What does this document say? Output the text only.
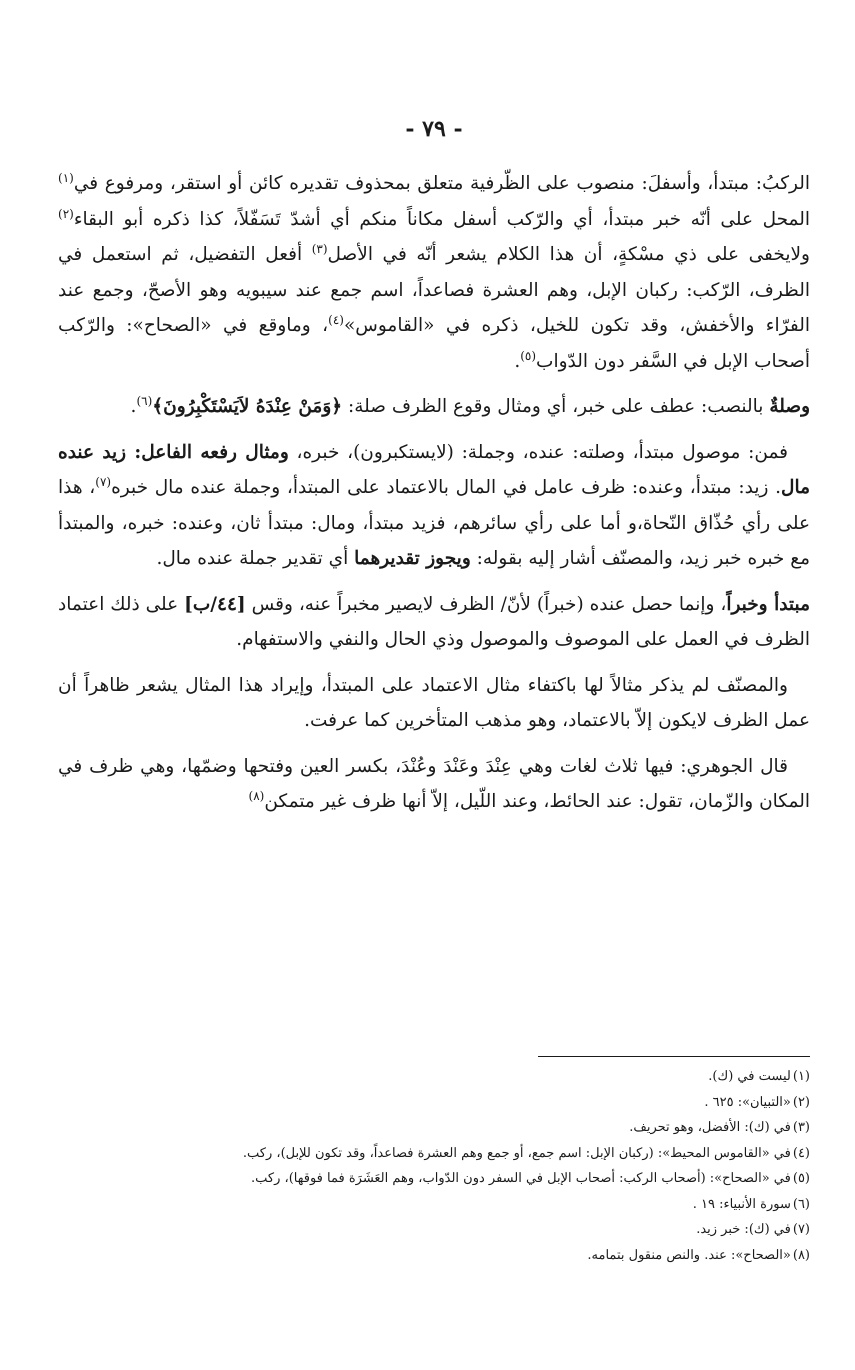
- ٧٩ -

الركبُ: مبتدأ، وأسفلَ: منصوب على الظّرفية متعلق بمحذوف تقديره كائن أو استقر، ومرفوع في$^{(١)}$ المحل على أنّه خبر مبتدأ، أي والرّكب أسفل مكاناً منكم أي أشدّ تَسَفّلاً، كذا ذكره أبو البقاء$^{(٢)}$ ولايخفى على ذي مسْكةٍ، أن هذا الكلام يشعر أنّه في الأصل$^{(٣)}$ أفعل التفضيل، ثم استعمل في الظرف، الرّكب: ركبان الإبل، وهم العشرة فصاعداً، اسم جمع عند سيبويه وهو الأصحّ، وجمع عند الفرّاء والأخفش، وقد تكون للخيل، ذكره في «القاموس»$^{(٤)}$، وماوقع في «الصحاح»: والرّكب أصحاب الإبل في السَّفر دون الدّواب$^{(٥)}$.

وصلةٌ بالنصب: عطف على خبر، أي ومثال وقوع الظرف صلة: ﴿وَمَنْ عِنْدَهُ لاَيَسْتَكْبِرُونَ﴾$^{(٦)}$.

فمن: موصول مبتدأ، وصلته: عنده، وجملة: (لايستكبرون)، خبره، ومثال رفعه الفاعل: زيد عنده مال. زيد: مبتدأ، وعنده: ظرف عامل في المال بالاعتماد على المبتدأ، وجملة عنده مال خبره$^{(٧)}$، هذا على رأي حُذّاق النّحاة،و أما على رأي سائرهم، فزيد مبتدأ، ومال: مبتدأ ثان، وعنده: خبره، والمبتدأ مع خبره خبر زيد، والمصنّف أشار إليه بقوله: ويجوز تقديرهما أي تقدير جملة عنده مال.

مبتدأ وخبراً، وإنما حصل عنده (خبراً) لأنّ/ الظرف لايصير مخبراً عنه، وقس [٤٤/ب] على ذلك اعتماد الظرف في العمل على الموصوف والموصول وذي الحال والنفي والاستفهام.

والمصنّف لم يذكر مثالاً لها باكتفاء مثال الاعتماد على المبتدأ، وإيراد هذا المثال يشعر ظاهراً أن عمل الظرف لايكون إلاّ بالاعتماد، وهو مذهب المتأخرين كما عرفت.

قال الجوهري: فيها ثلاث لغات وهي عِنْدَ وعَنْدَ وعُنْدَ، بكسر العين وفتحها وضمّها، وهي ظرف في المكان والزّمان، تقول: عند الحائط، وعند اللّيل، إلاّ أنها ظرف غير متمكن$^{(٨)}$

(١)ليست في (ك).
(٢)«التبيان»: ٦٢٥ .
(٣)في (ك): الأفضل، وهو تحريف.
(٤)في «القاموس المحيط»: (ركبان الإبل: اسم جمع، أو جمع وهم العشرة فصاعداً، وقد تكون للإبل)، ركب.
(٥)في «الصحاح»: (أصحاب الركب: أصحاب الإبل في السفر دون الدّواب، وهم العَشَرَة فما فوقها)، ركب.
(٦)سورة الأنبياء: ١٩ .
(٧)في (ك): خبر زيد.
(٨)«الصحاح»: عند. والنص منقول بتمامه.
